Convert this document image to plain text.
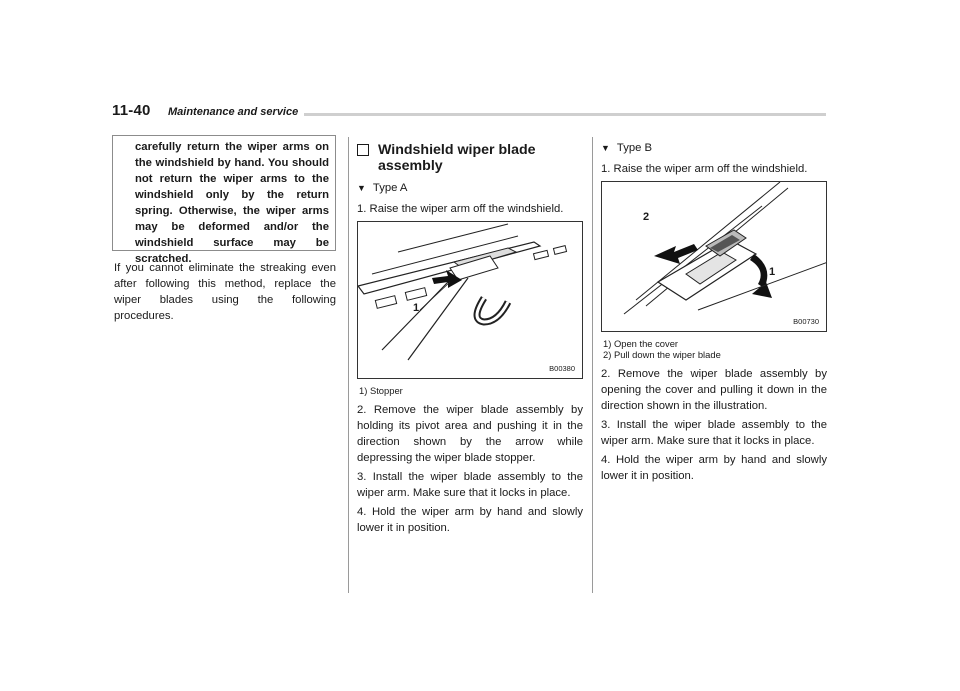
11-40 Maintenance and service

carefully return the wiper arms on the windshield by hand. You should not return the wiper arms to the windshield only by the return spring. Otherwise, the wiper arms may be deformed and/or the windshield surface may be scratched.

If you cannot eliminate the streaking even after following this method, replace the wiper blades using the following procedures.

Windshield wiper blade assembly
▼ Type A

1. Raise the wiper arm off the windshield.

1
B00380
1) Stopper

2. Remove the wiper blade assembly by holding its pivot area and pushing it in the direction shown by the arrow while depressing the wiper blade stopper.

3. Install the wiper blade assembly to the wiper arm. Make sure that it locks in place.

4. Hold the wiper arm by hand and slowly lower it in position.

▼ Type B

1. Raise the wiper arm off the windshield.

2
1
B00730
1) Open the cover
2) Pull down the wiper blade

2. Remove the wiper blade assembly by opening the cover and pulling it down in the direction shown in the illustration.

3. Install the wiper blade assembly to the wiper arm. Make sure that it locks in place.

4. Hold the wiper arm by hand and slowly lower it in position.
